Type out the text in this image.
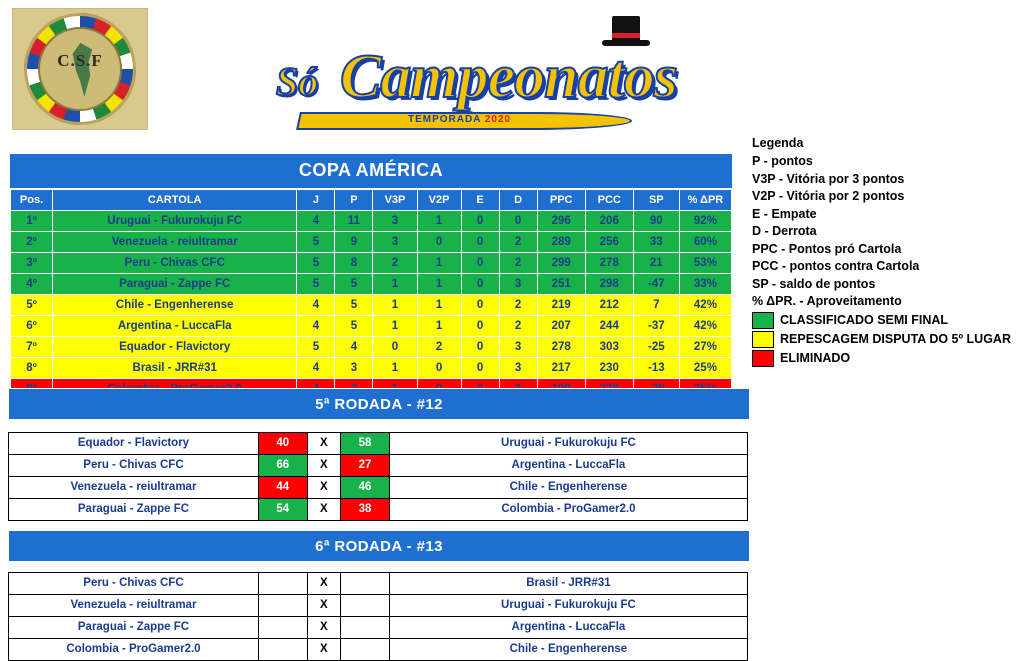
C.S.F	Só Campeonatos
TEMPORADA 2020
Legenda
P - pontos
V3P - Vitória por 3 pontos
V2P - Vitória por 2 pontos
E - Empate
D - Derrota
PPC - Pontos pró Cartola
PCC - pontos contra Cartola
SP - saldo de pontos
% ΔPR. - Aproveitamento
CLASSIFICADO SEMI FINAL
REPESCAGEM DISPUTA DO 5º LUGAR
ELIMINADO
COPA AMÉRICA
Pos.	CARTOLA	J	P	V3P	V2P	E	D	PPC	PCC	SP	% ΔPR
1º	Uruguai - Fukurokuju FC	4	11	3	1	0	0	296	206	90	92%
2º	Venezuela - reiultramar	5	9	3	0	0	2	289	256	33	60%
3º	Peru - Chivas CFC	5	8	2	1	0	2	299	278	21	53%
4º	Paraguai - Zappe FC	5	5	1	1	0	3	251	298	-47	33%
5º	Chile - Engenherense	4	5	1	1	0	2	219	212	7	42%
6º	Argentina - LuccaFla	4	5	1	1	0	2	207	244	-37	42%
7º	Equador - Flavictory	5	4	0	2	0	3	278	303	-25	27%
8º	Brasil - JRR#31	4	3	1	0	0	3	217	230	-13	25%

5ª RODADA - #12
Equador - Flavictory	40	X	58	Uruguai - Fukurokuju FC
Peru - Chivas CFC	66	X	27	Argentina - LuccaFla
Venezuela - reiultramar	44	X	46	Chile - Engenherense
Paraguai - Zappe FC	54	X	38	Colombia - ProGamer2.0
6ª RODADA - #13
Peru - Chivas CFC		X		Brasil - JRR#31
Venezuela - reiultramar		X		Uruguai - Fukurokuju FC
Paraguai - Zappe FC		X		Argentina - LuccaFla
Colombia - ProGamer2.0		X		Chile - Engenherense
